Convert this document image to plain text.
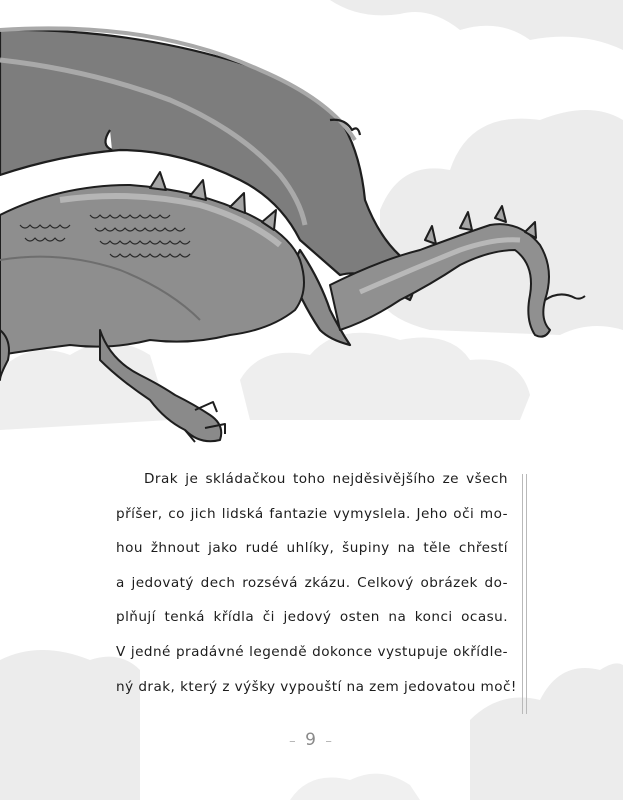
Drak je skládačkou toho nejděsivějšího ze všech
příšer, co jich lidská fantazie vymyslela. Jeho oči mo-
hou žhnout jako rudé uhlíky, šupiny na těle chřestí
a jedovatý dech rozsévá zkázu. Celkový obrázek do-
plňují tenká křídla či jedový osten na konci ocasu.
V jedné pradávné legendě dokonce vystupuje okřídle-
ný drak, který z výšky vypouští na zem jedovatou moč!
– 9 –
